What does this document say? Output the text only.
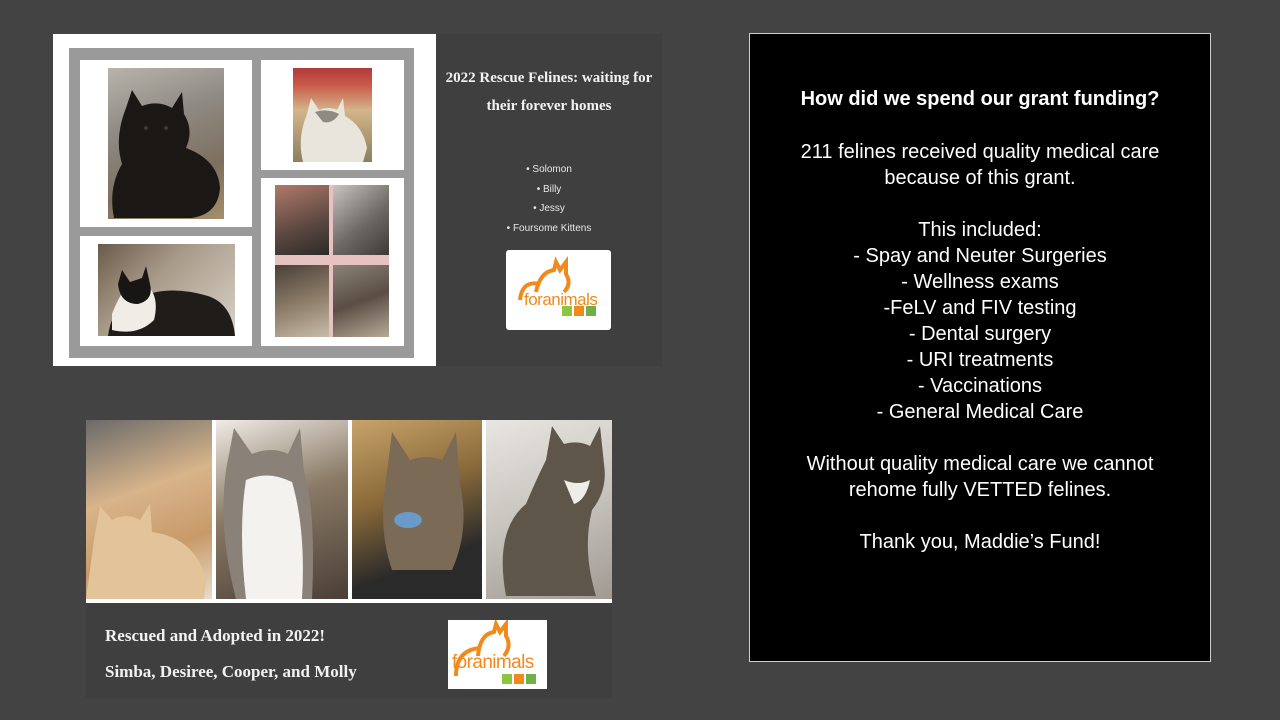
2022 Rescue Felines: waiting for their forever homes
• Solomon
• Billy
• Jessy
• Foursome Kittens
foranimals
Rescued and Adopted in 2022!
Simba, Desiree, Cooper, and Molly	foranimals
How did we spend our grant funding?

211 felines received quality medical care because of this grant.

This included:
- Spay and Neuter Surgeries
- Wellness exams
-FeLV and FIV testing
- Dental surgery
- URI treatments
- Vaccinations
- General Medical Care

Without quality medical care we cannot rehome fully VETTED felines.

Thank you, Maddie’s Fund!
